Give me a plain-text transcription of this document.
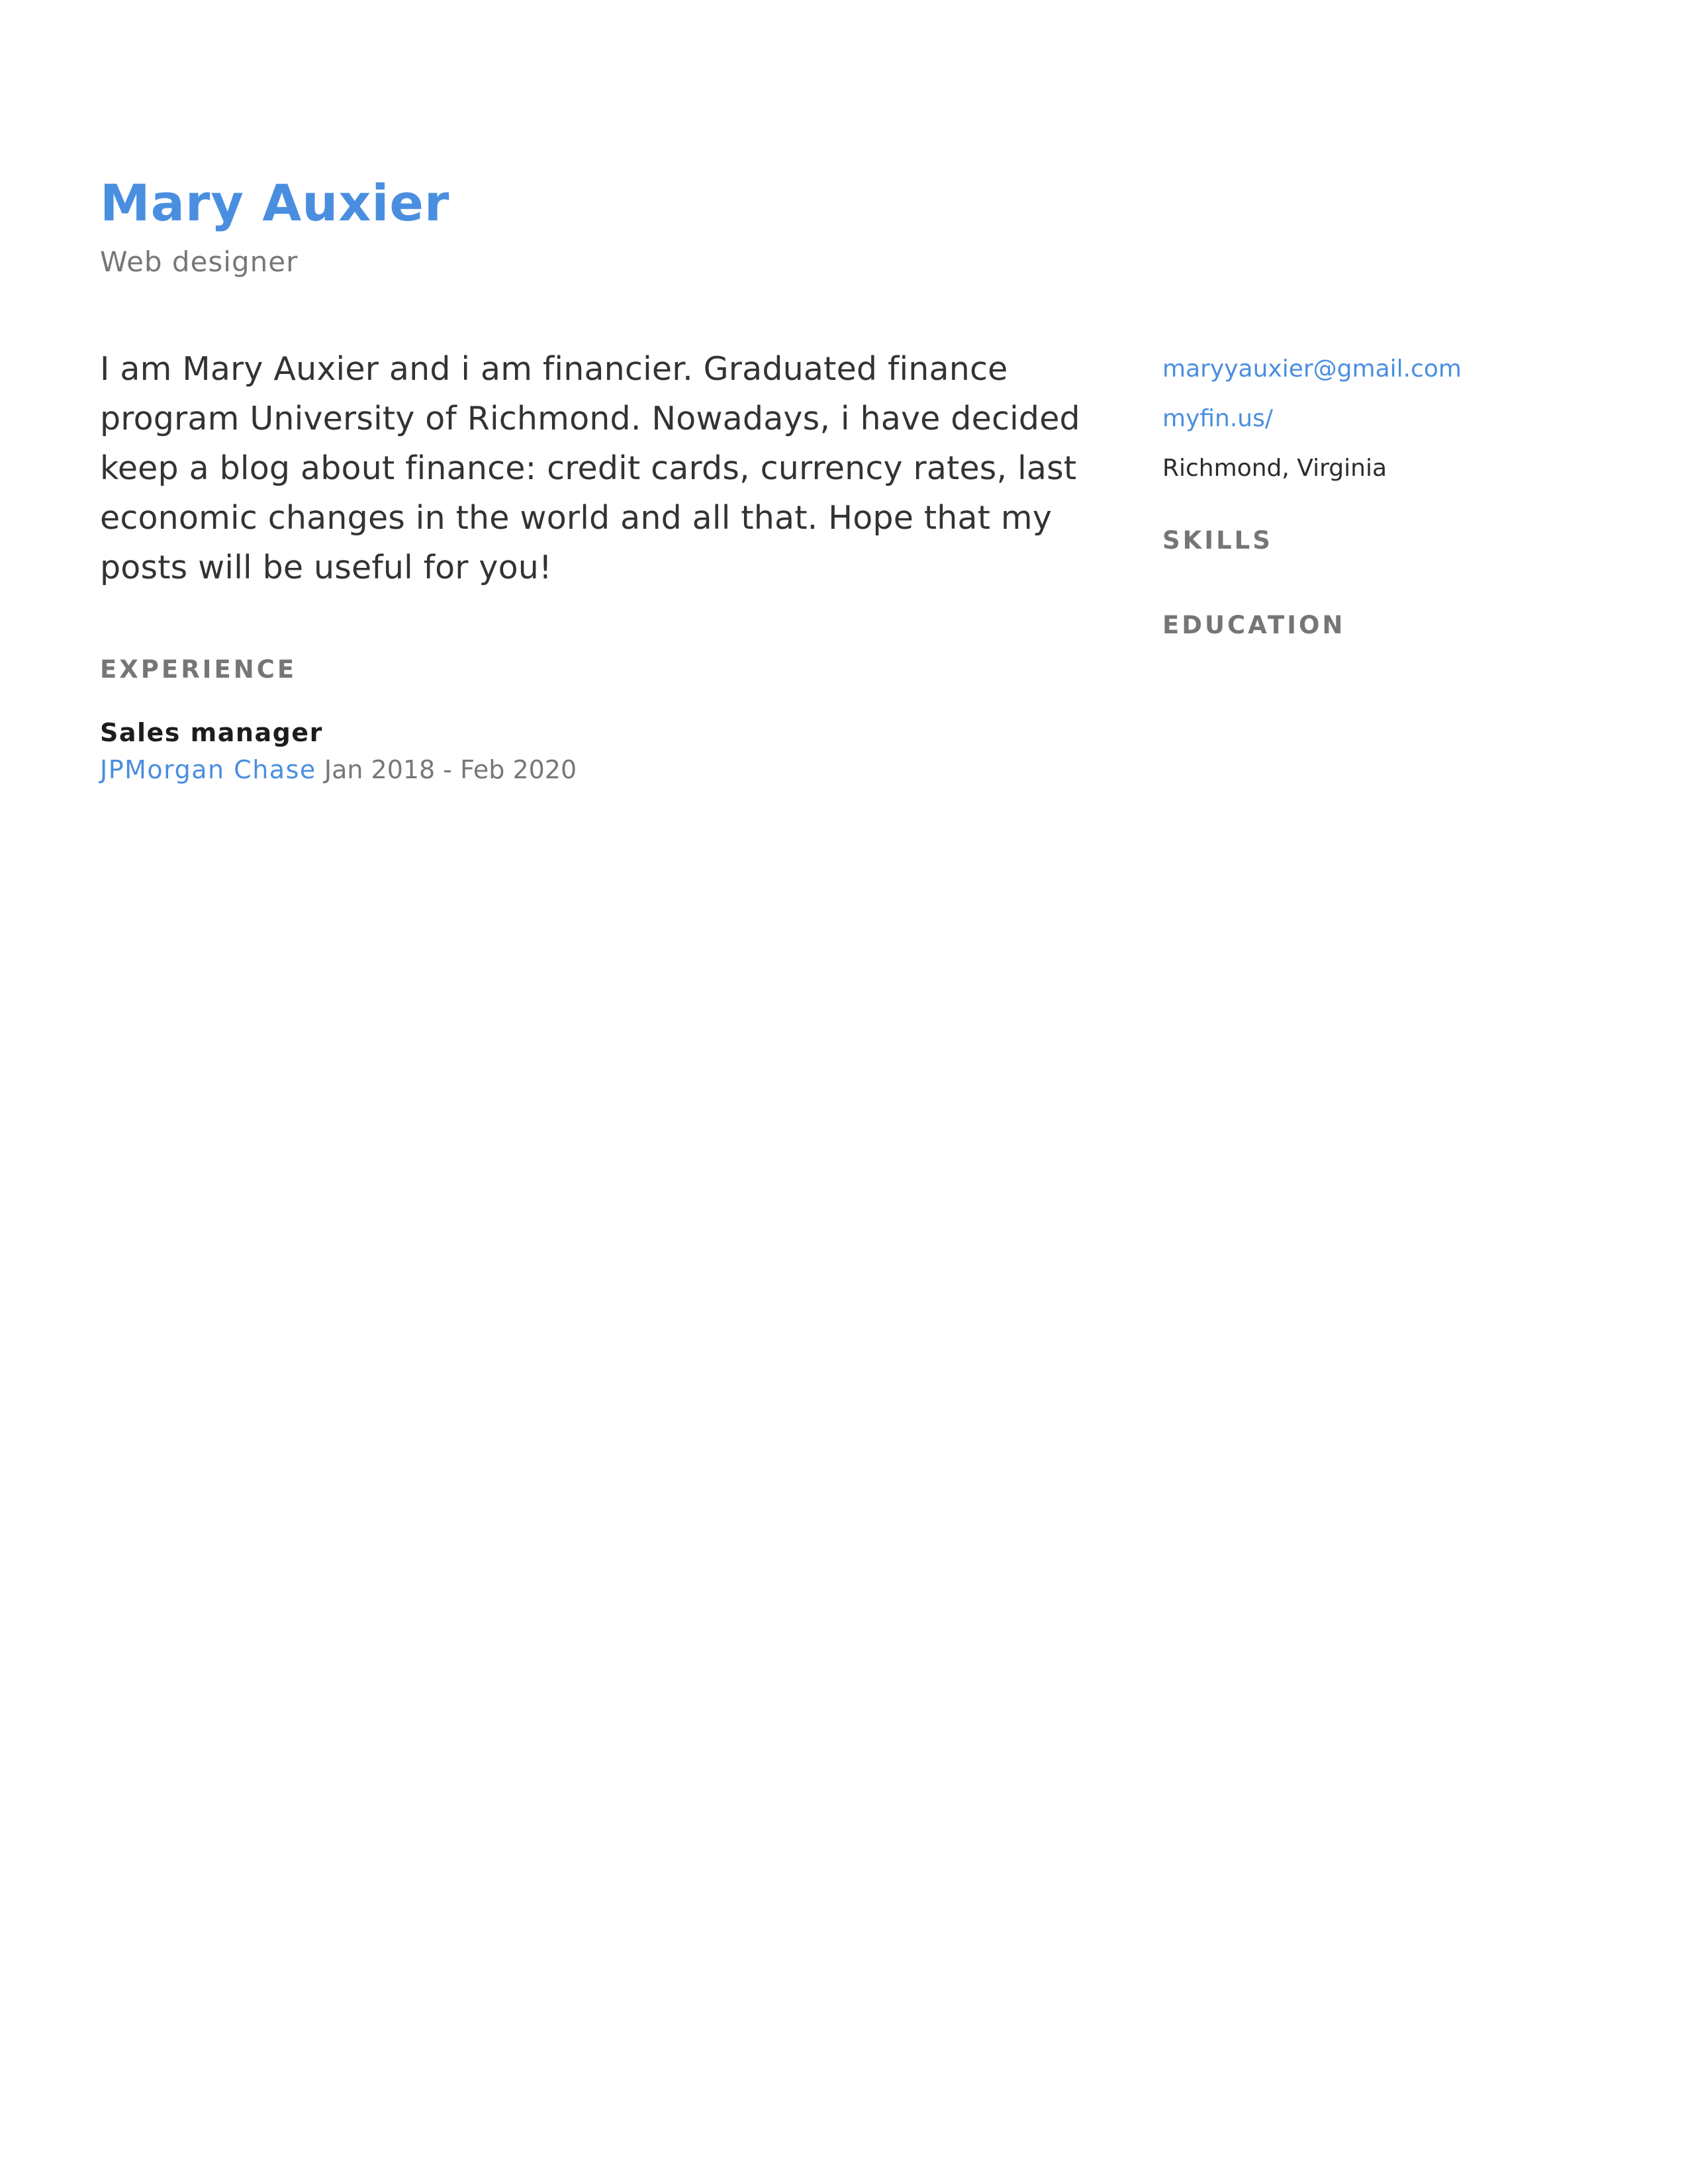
Mary Auxier
Web designer

I am Mary Auxier and i am financier. Graduated finance program University of Richmond. Nowadays, i have decided keep a blog about finance: credit cards, currency rates, last economic changes in the world and all that. Hope that my posts will be useful for you!

EXPERIENCE
Sales manager
JPMorgan Chase Jan 2018 - Feb 2020
maryyauxier@gmail.com
myfin.us/
Richmond, Virginia
SKILLS
EDUCATION
